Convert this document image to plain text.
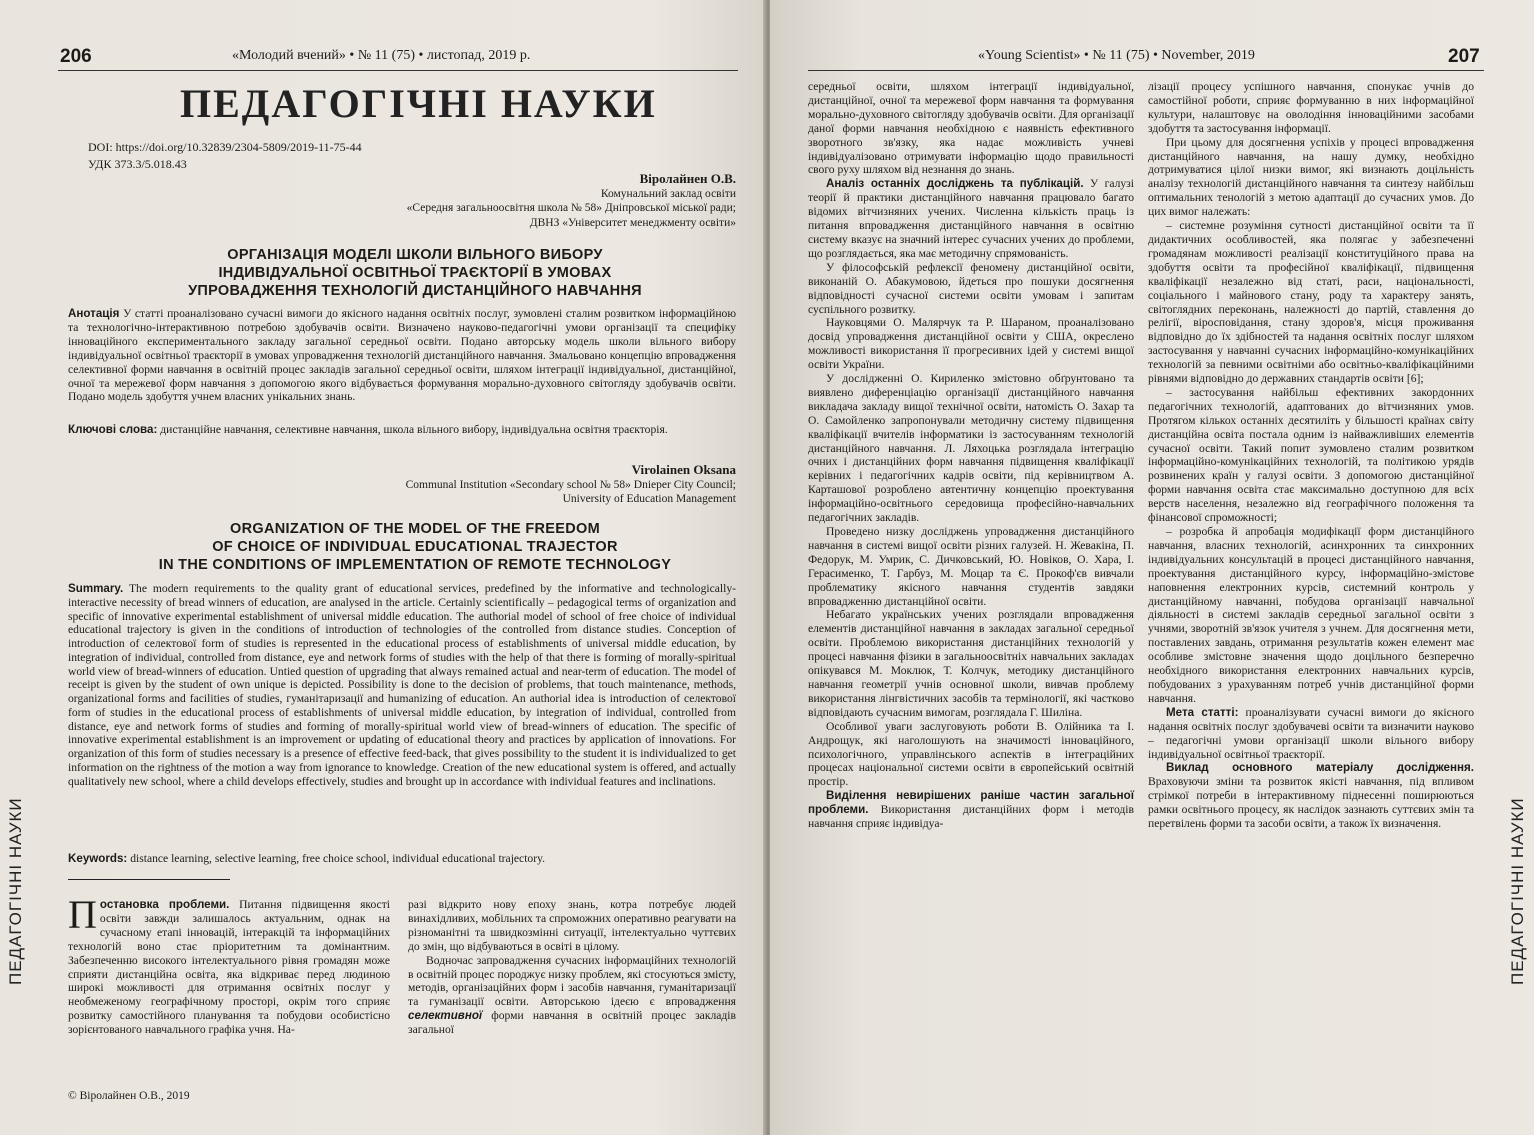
206	«Молодий вчений» • № 11 (75) • листопад, 2019 р.
ПЕДАГОГІЧНІ НАУКИ
DOI: https://doi.org/10.32839/2304-5809/2019-11-75-44
УДК 373.3/5.018.43
Віролайнен О.В.
Комунальний заклад освіти
«Середня загальноосвітня школа № 58» Дніпровської міської ради;
ДВНЗ «Університет менеджменту освіти»
ОРГАНІЗАЦІЯ МОДЕЛІ ШКОЛИ ВІЛЬНОГО ВИБОРУ
ІНДИВІДУАЛЬНОЇ ОСВІТНЬОЇ ТРАЄКТОРІЇ В УМОВАХ
УПРОВАДЖЕННЯ ТЕХНОЛОГІЙ ДИСТАНЦІЙНОГО НАВЧАННЯ
Анотація У статті проаналізовано сучасні вимоги до якісного надання освітніх послуг, зумовлені сталим розвитком інформаційною та технологічно-інтерактивною потребою здобувачів освіти. Визначено науково-педагогічні умови організації та специфіку інноваційного експериментального закладу загальної середньої освіти. Подано авторську модель школи вільного вибору індивідуальної освітньої траєкторії в умовах упровадження технологій дистанційного навчання. Змальовано концепцію впровадження селективної форми навчання в освітній процес закладів загальної середньої освіти, шляхом інтеграції індивідуальної, дистанційної, очної та мережевої форм навчання з допомогою якого відбувається формування морально-духовного світогляду здобувачів освіти. Подано модель здобуття учнем власних унікальних знань.
Ключові слова: дистанційне навчання, селективне навчання, школа вільного вибору, індивідуальна освітня траєкторія.
Virolainen Oksana
Communal Institution «Secondary school № 58» Dnieper City Council;
University of Education Management
ORGANIZATION OF THE MODEL OF THE FREEDOM
OF CHOICE OF INDIVIDUAL EDUCATIONAL TRAJECTOR
IN THE CONDITIONS OF IMPLEMENTATION OF REMOTE TECHNOLOGY
Summary. The modern requirements to the quality grant of educational services, predefined by the informative and technologically-interactive necessity of bread winners of education, are analysed in the article. Certainly scientifically – pedagogical terms of organization and specific of innovative experimental establishment of universal middle education. The authorial model of school of free choice of individual educational trajectory is given in the conditions of introduction of technologies of the controlled from distance studies. Conception of introduction of селектової form of studies is represented in the educational process of establishments of universal middle education, by integration of individual, controlled from distance, eye and network forms of studies with the help of that there is forming of morally-spiritual world view of bread-winners of education. Untied question of upgrading that always remained actual and near-term of education. The model of receipt is given by the student of own unique is depicted. Possibility is done to the decision of problems, that touch maintenance, methods, organizational forms and facilities of studies, гуманітаризації and humanizing of education. An authorial idea is introduction of селектової form of studies in the educational process of establishments of universal middle education, by integration of individual, controlled from distance, eye and network forms of studies and forming of morally-spiritual world view of bread-winners of education. The specific of innovative experimental establishment is an improvement or updating of educational theory and practices by application of innovations. For organization of this form of studies necessary is a presence of effective feed-back, that gives possibility to the student it is individualized to get information on the rightness of the motion a way from ignorance to knowledge. Creation of the new educational system is offered, and actually qualitatively new school, where a child develops effectively, studies and brought up in accordance with individual features and inclinations.
Keywords: distance learning, selective learning, free choice school, individual educational trajectory.

Постановка проблеми. Питання підвищення якості освіти завжди залишалось актуальним, однак на сучасному етапі інновацій, інтеракцій та інформаційних технологій воно стає пріоритетним та домінантним. Забезпеченню високого інтелектуального рівня громадян може сприяти дистанційна освіта, яка відкриває перед людиною широкі можливості для отримання освітніх послуг у необмеженому географічному просторі, окрім того сприяє розвитку самостійного планування та побудови особистісно зорієнтованого навчального графіка учня. На-

разі відкрито нову епоху знань, котра потребує людей винахідливих, мобільних та спроможних оперативно реагувати на різноманітні та швидкозмінні ситуації, інтелектуально чуттєвих до змін, що відбуваються в освіті в цілому.

Водночас запровадження сучасних інформаційних технологій в освітній процес породжує низку проблем, які стосуються змісту, методів, організаційних форм і засобів навчання, гуманітаризації та гуманізації освіти. Авторською ідеєю є впровадження селективної форми навчання в освітній процес закладів загальної

ПЕДАГОГІЧНІ НАУКИ
© Віролайнен О.В., 2019
«Young Scientist» • № 11 (75) • November, 2019	207

середньої освіти, шляхом інтеграції індивідуальної, дистанційної, очної та мережевої форм навчання та формування морально-духовного світогляду здобувачів освіти. Для організації даної форми навчання необхідною є наявність ефективного зворотного зв'язку, яка надає можливість учневі індивідуалізовано отримувати інформацію щодо правильності свого руху шляхом від незнання до знань.

Аналіз останніх досліджень та публікацій. У галузі теорії й практики дистанційного навчання працювало багато відомих вітчизняних учених. Численна кількість праць із питання впровадження дистанційного навчання в освітню систему вказує на значний інтерес сучасних учених до проблеми, що розглядається, яка має методичну спрямованість.

У філософській рефлексії феномену дистанційної освіти, виконаній О. Абакумовою, йдеться про пошуки досягнення відповідності сучасної системи освіти умовам і запитам суспільного розвитку.

Науковцями О. Малярчук та Р. Шараном, проаналізовано досвід упровадження дистанційної освіти у США, окреслено можливості використання її прогресивних ідей у системі вищої освіти України.

У дослідженні О. Кириленко змістовно обґрунтовано та виявлено диференціацію організації дистанційного навчання викладача закладу вищої технічної освіти, натомість О. Захар та О. Самойленко запропонували методичну систему підвищення кваліфікації вчителів інформатики із застосуванням технологій дистанційного навчання. Л. Ляхоцька розглядала інтеграцію очних і дистанційних форм навчання підвищення кваліфікації керівних і педагогічних кадрів освіти, під керівництвом А. Карташової розроблено автентичну концепцію проектування інформаційно-освітнього середовища професійно-навчальних педагогічних закладів.

Проведено низку досліджень упровадження дистанційного навчання в системі вищої освіти різних галузей. Н. Жевакіна, П. Федорук, М. Умрик, С. Дичковський, Ю. Новіков, О. Хара, І. Герасименко, Т. Гарбуз, М. Моцар та Є. Прокоф'єв вивчали проблематику якісного навчання студентів завдяки впровадженню дистанційної освіти.

Небагато українських учених розглядали впровадження елементів дистанційної навчання в закладах загальної середньої освіти. Проблемою використання дистанційних технологій у процесі навчання фізики в загальноосвітніх навчальних закладах опікувався М. Моклюк, Т. Колчук, методику дистанційного навчання геометрії учнів основної школи, вивчав проблему використання лінгвістичних засобів та термінології, які частково відповідають сучасним вимогам, розглядала Г. Шиліна.

Особливої уваги заслуговують роботи В. Олійника та І. Андрощук, які наголошують на значимості інноваційного, психологічного, управлінського аспектів в інтеграційних процесах національної системи освіти в європейський освітній простір.

Виділення невирішених раніше частин загальної проблеми. Використання дистанційних форм і методів навчання сприяє індивідуа-

лізації процесу успішного навчання, спонукає учнів до самостійної роботи, сприяє формуванню в них інформаційної культури, налаштовує на оволодіння інноваційними засобами здобуття та застосування інформації.

При цьому для досягнення успіхів у процесі впровадження дистанційного навчання, на нашу думку, необхідно дотримуватися цілої низки вимог, які визнають доцільність аналізу технологій дистанційного навчання та синтезу найбільш оптимальних тенологій з метою адаптації до сучасних умов. До цих вимог належать:

– системне розуміння сутності дистанційної освіти та її дидактичних особливостей, яка полягає у забезпеченні громадянам можливості реалізації конституційного права на здобуття освіти та професійної кваліфікації, підвищення кваліфікації незалежно від статі, раси, національності, соціального і майнового стану, роду та характеру занять, світоглядних переконань, належності до партій, ставлення до релігії, віросповідання, стану здоров'я, місця проживання відповідно до їх здібностей та надання освітніх послуг шляхом застосування у навчанні сучасних інформаційно-комунікаційних технологій за певними освітніми або освітньо-кваліфікаційними рівнями відповідно до державних стандартів освіти [6];

– застосування найбільш ефективних закордонних педагогічних технологій, адаптованих до вітчизняних умов. Протягом кількох останніх десятиліть у більшості країнах світу дистанційна освіта постала одним із найважливіших елементів сучасної освіти. Такий попит зумовлено сталим розвитком інформаційно-комунікаційних технологій, та політикою урядів розвинених країн у галузі освіти. З допомогою дистанційної форми навчання освіта стає максимально доступною для всіх верств населення, незалежно від географічного положення та фінансової спроможності;

– розробка й апробація модифікації форм дистанційного навчання, власних технологій, асинхронних та синхронних індивідуальних консультацій в процесі дистанційного навчання, проектування дистанційного курсу, інформаційно-змістове наповнення електронних курсів, системний контроль у дистанційному навчанні, побудова організації навчальної діяльності в системі закладів середньої загальної освіти з учнями, зворотній зв'язок учителя з учнем. Для досягнення мети, поставлених завдань, отримання результатів кожен елемент має особливе змістовне значення щодо доцільного безперечно необхідного використання електронних навчальних курсів, побудованих з урахуванням потреб учнів дистанційної форми навчання.

Мета статті: проаналізувати сучасні вимоги до якісного надання освітніх послуг здобувачеві освіти та визначити науково – педагогічні умови організації школи вільного вибору індивідуальної освітньої траєкторії.

Виклад основного матеріалу дослідження. Враховуючи зміни та розвиток якісті навчання, під впливом стрімкої потреби в інтерактивному піднесенні поширюються рамки освітнього процесу, як наслідок зазнають суттєвих змін та перетвілень форми та засоби освіти, а також їх визначення.	ПЕДАГОГІЧНІ НАУКИ
